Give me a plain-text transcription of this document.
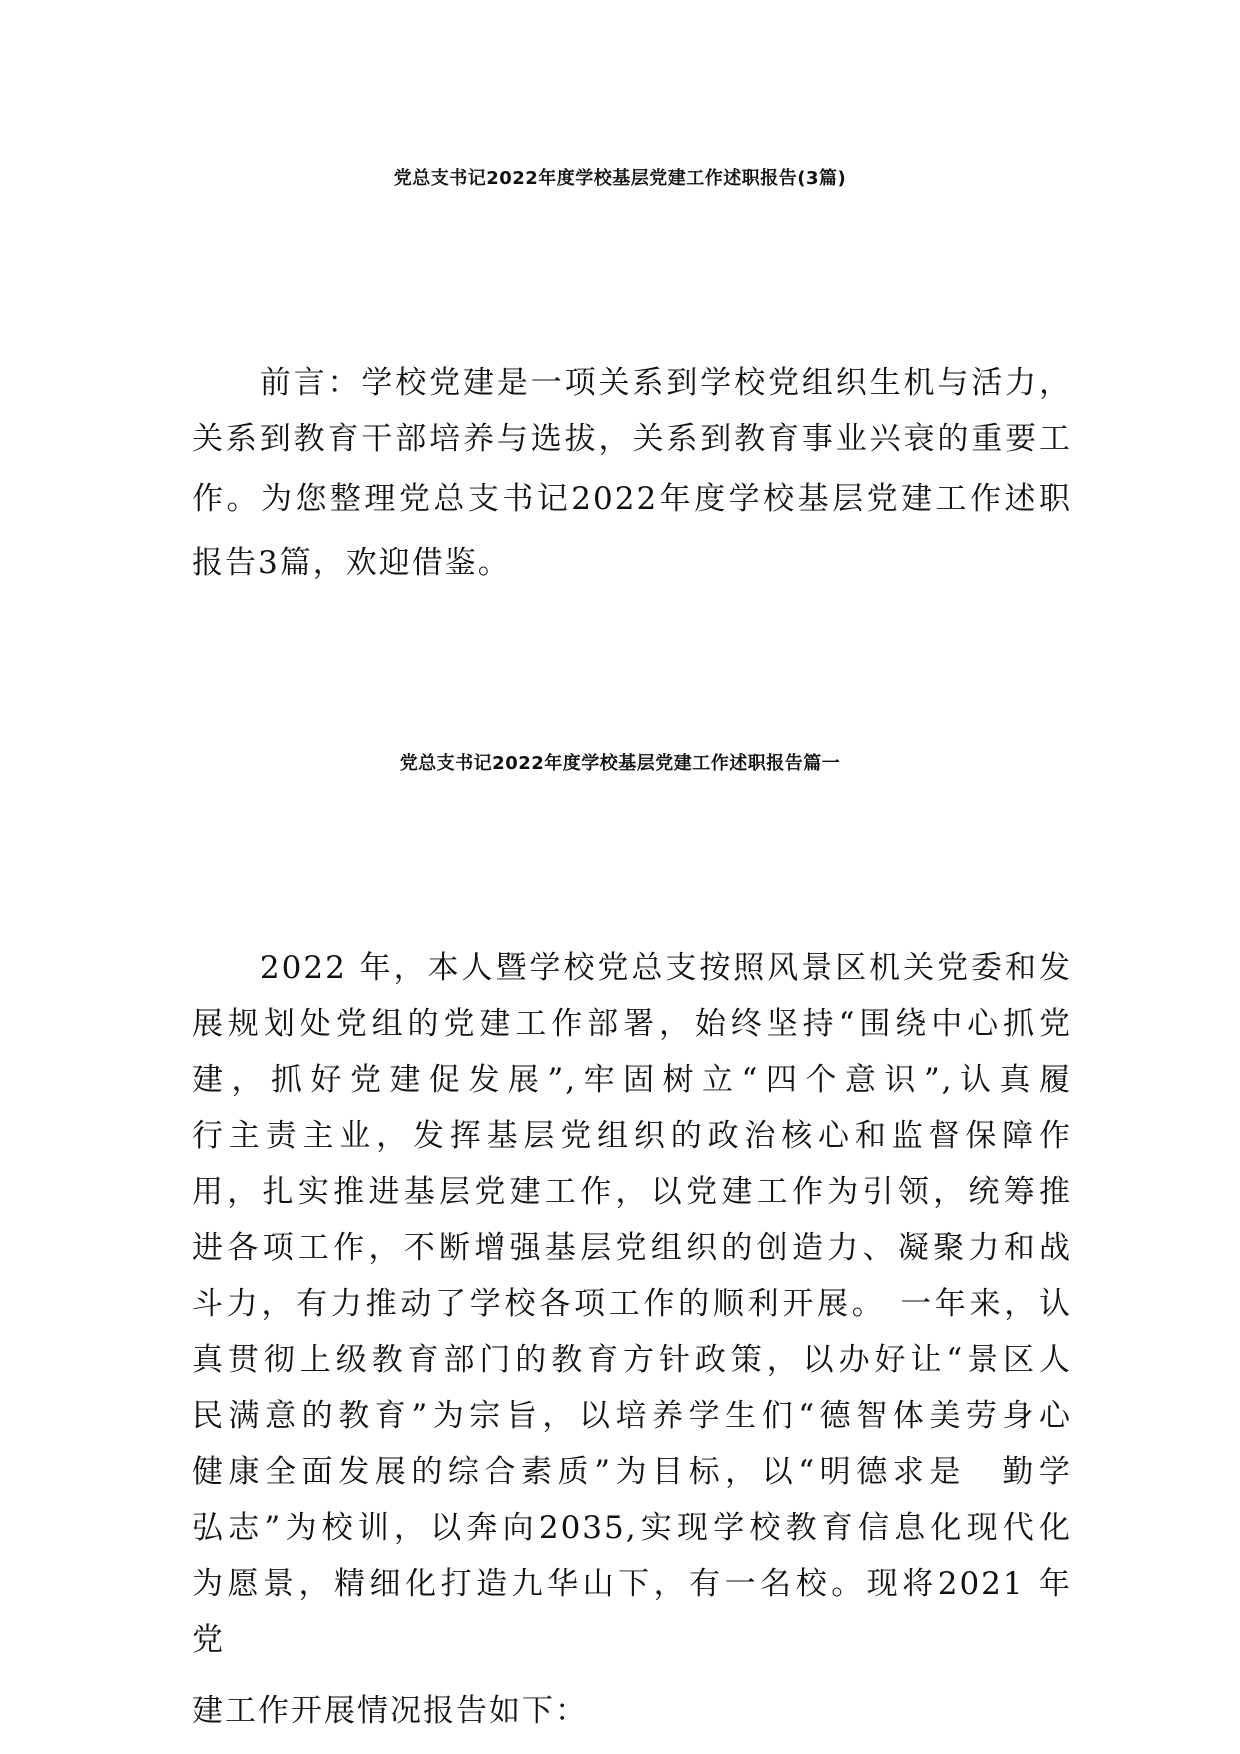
党总支书记2022年度学校基层党建工作述职报告(3篇)
　　前言：学校党建是一项关系到学校党组织生机与活力，
关系到教育干部培养与选拔，关系到教育事业兴衰的重要工
作。为您整理党总支书记2022年度学校基层党建工作述职
报告3篇，欢迎借鉴。
党总支书记2022年度学校基层党建工作述职报告篇一
　　2022 年，本人暨学校党总支按照风景区机关党委和发
展规划处党组的党建工作部署，始终坚持“围绕中心抓党
建，抓好党建促发展”,牢固树立“四个意识”,认真履
行主责主业，发挥基层党组织的政治核心和监督保障作
用，扎实推进基层党建工作，以党建工作为引领，统筹推
进各项工作，不断增强基层党组织的创造力、凝聚力和战
斗力，有力推动了学校各项工作的顺利开展。 一年来，认
真贯彻上级教育部门的教育方针政策，以办好让“景区人
民满意的教育”为宗旨，以培养学生们“德智体美劳身心
健康全面发展的综合素质”为目标，以“明德求是　勤学
弘志”为校训，以奔向2035,实现学校教育信息化现代化
为愿景，精细化打造九华山下，有一名校。现将2021 年
党
建工作开展情况报告如下：
